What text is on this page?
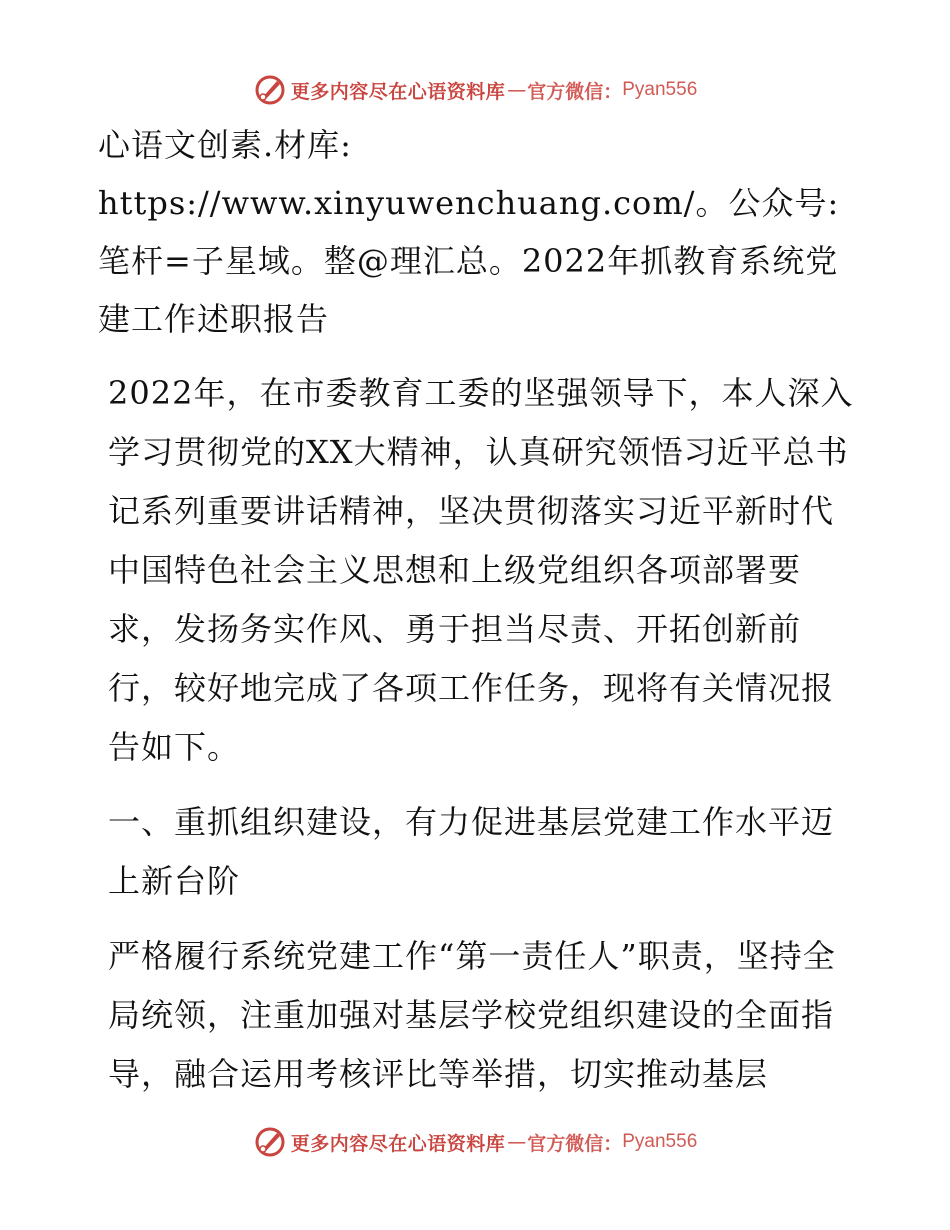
更多内容尽在心语资料库 — 官方微信： Pyan556

心语文创素.材库: https://www.xinyuwenchuang.com/。公众号: 笔杆=子星域。整@理汇总。2022年抓教育系统党建工作述职报告

2022年，在市委教育工委的坚强领导下，本人深入学习贯彻党的XX大精神，认真研究领悟习近平总书记系列重要讲话精神，坚决贯彻落实习近平新时代中国特色社会主义思想和上级党组织各项部署要求，发扬务实作风、勇于担当尽责、开拓创新前行，较好地完成了各项工作任务，现将有关情况报告如下。

一、重抓组织建设，有力促进基层党建工作水平迈上新台阶

严格履行系统党建工作“第一责任人”职责，坚持全局统领，注重加强对基层学校党组织建设的全面指导，融合运用考核评比等举措，切实推动基层

更多内容尽在心语资料库 — 官方微信： Pyan556
